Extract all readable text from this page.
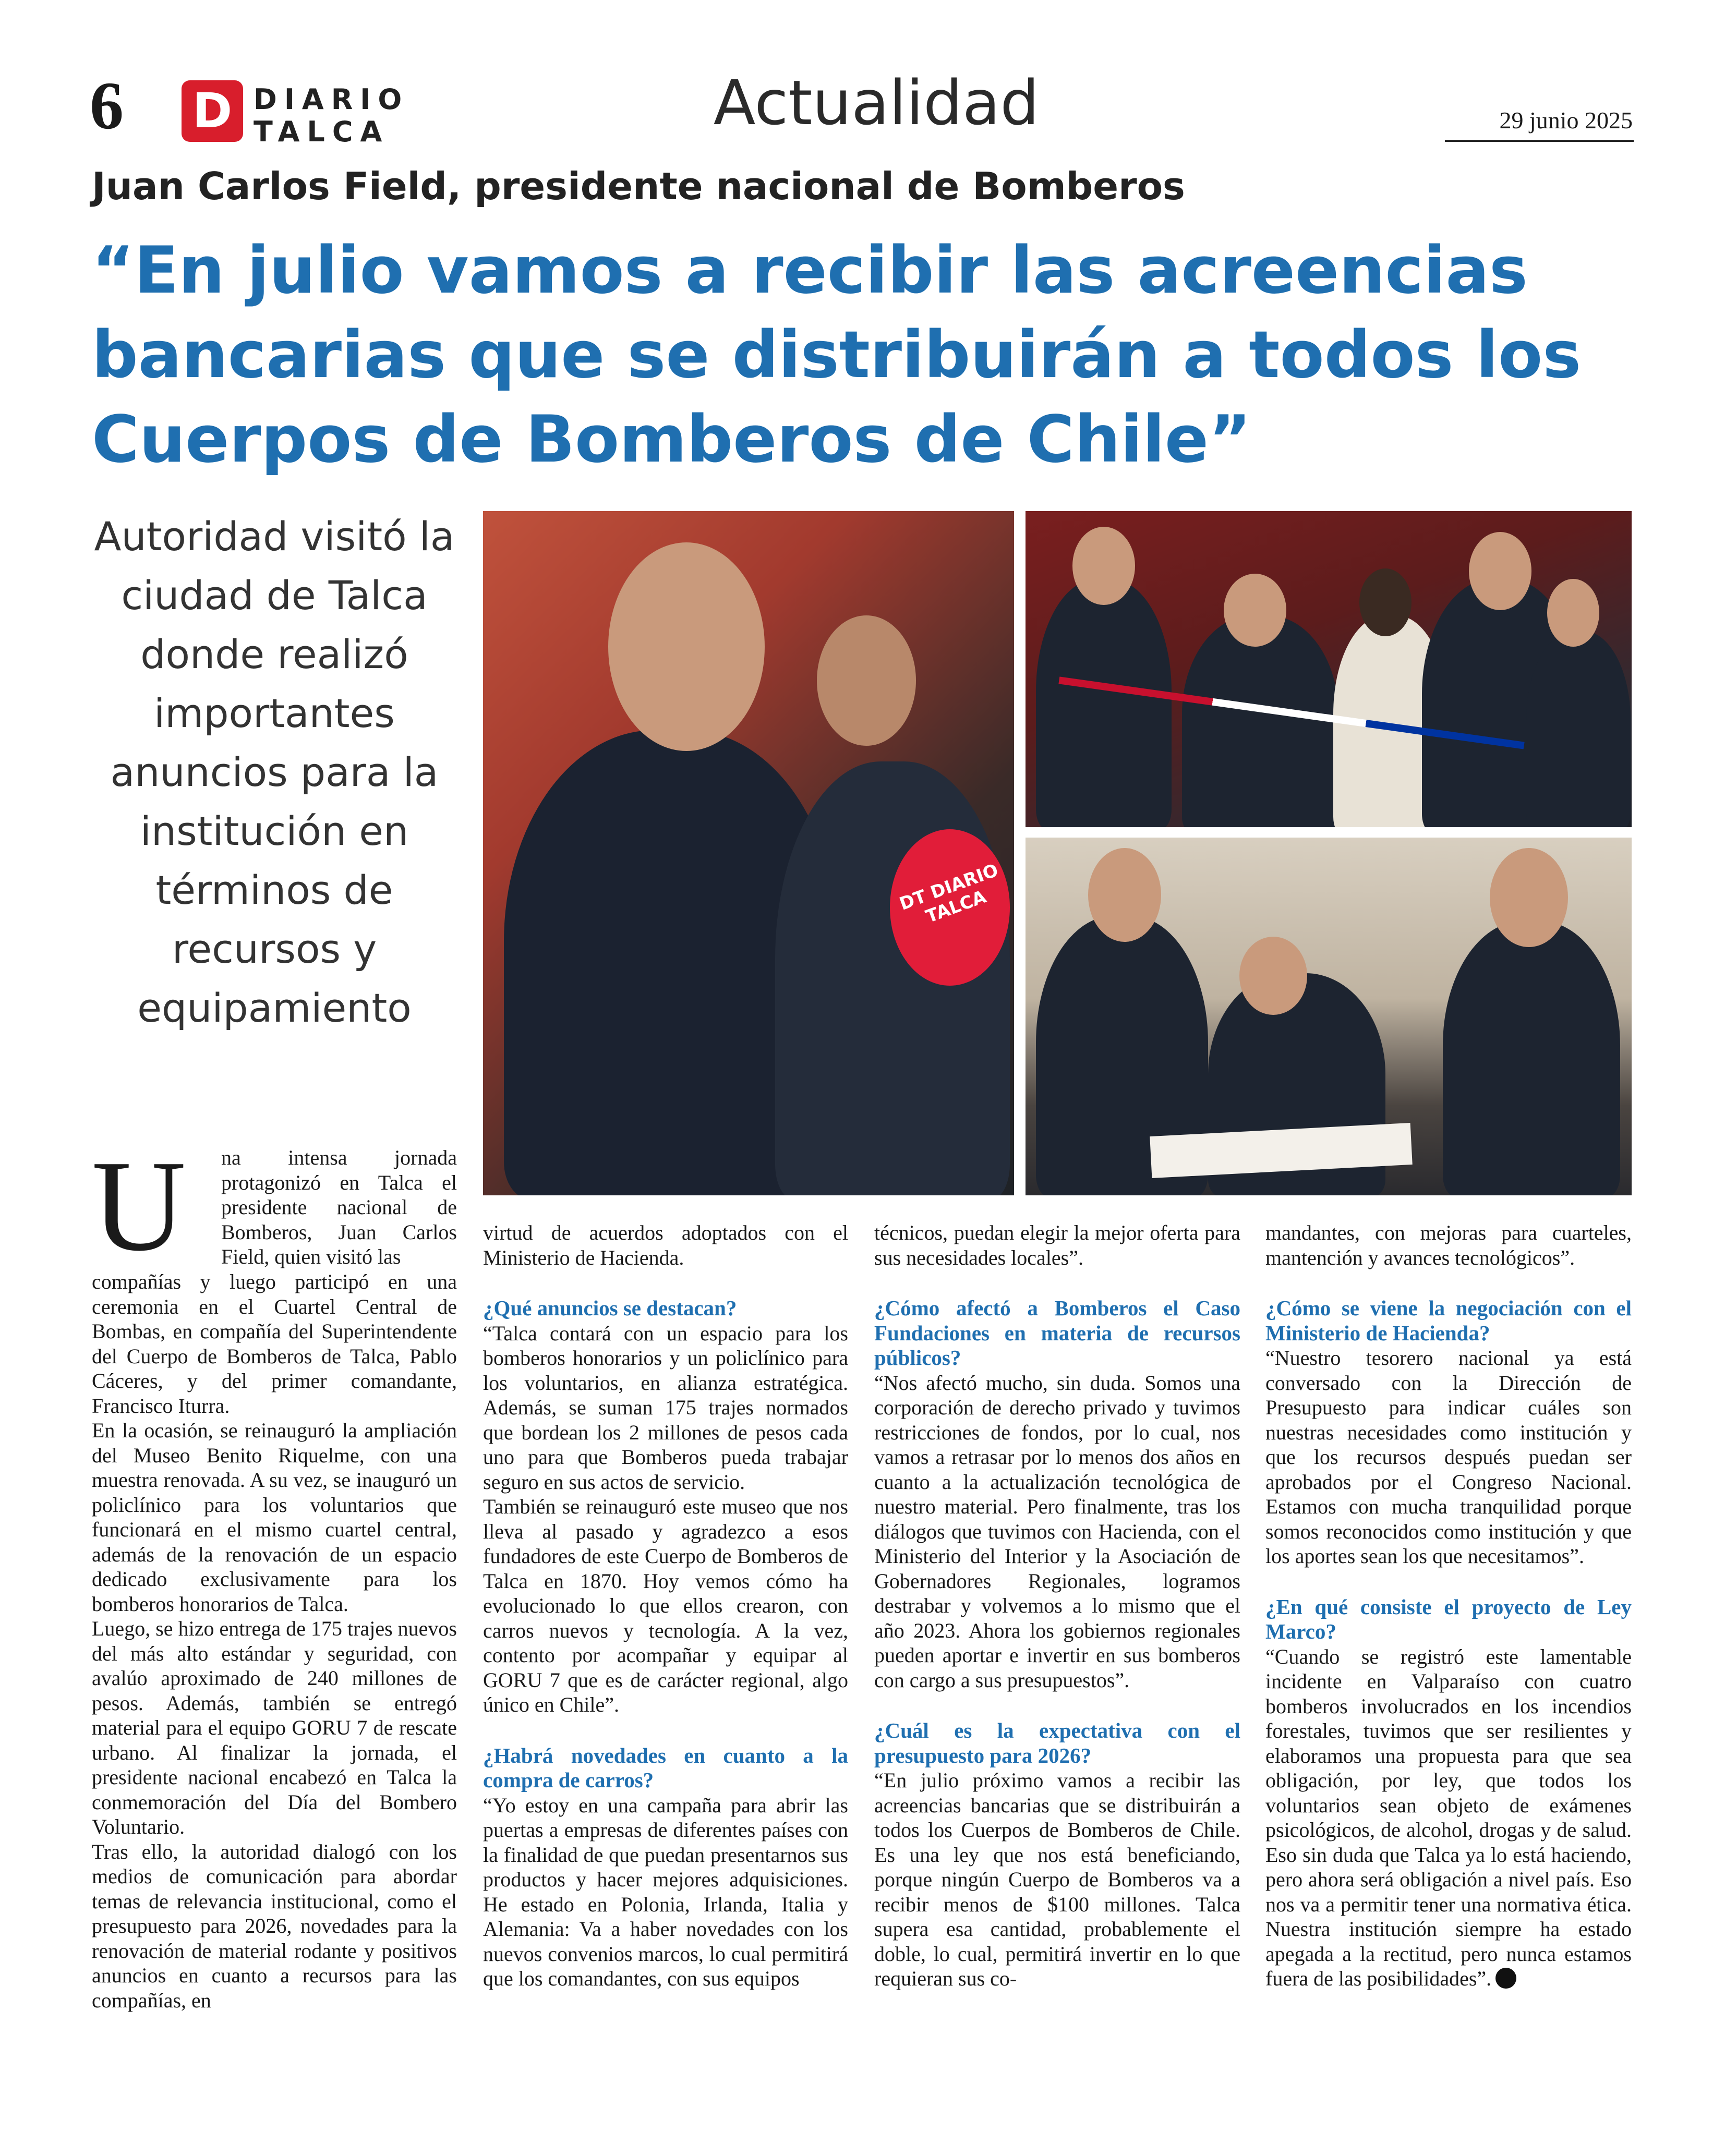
6 D DIARIO
TALCA	Actualidad	29 junio 2025
Juan Carlos Field, presidente nacional de Bomberos
“En julio vamos a recibir las acreencias bancarias que se distribuirán a todos los Cuerpos de Bomberos de Chile”
Autoridad visitó la ciudad de Talca donde realizó importantes anuncios para la institución en términos de recursos y equipamiento
DT DIARIO TALCA
U na intensa jornada protagonizó en Talca el presidente nacional de Bomberos, Juan Carlos Field, quien visitó las

compañías y luego participó en una ceremonia en el Cuartel Central de Bombas, en compañía del Superintendente del Cuerpo de Bomberos de Talca, Pablo Cáceres, y del primer comandante, Francisco Iturra.

En la ocasión, se reinauguró la ampliación del Museo Benito Riquelme, con una muestra renovada. A su vez, se inauguró un policlínico para los voluntarios que funcionará en el mismo cuartel central, además de la renovación de un espacio dedicado exclusivamente para los bomberos honorarios de Talca.

Luego, se hizo entrega de 175 trajes nuevos del más alto estándar y seguridad, con avalúo aproximado de 240 millones de pesos. Además, también se entregó material para el equipo GORU 7 de rescate urbano. Al finalizar la jornada, el presidente nacional encabezó en Talca la conmemoración del Día del Bombero Voluntario.

Tras ello, la autoridad dialogó con los medios de comunicación para abordar temas de relevancia institucional, como el presupuesto para 2026, novedades para la renovación de material rodante y positivos anuncios en cuanto a recursos para las compañías, en

virtud de acuerdos adoptados con el Ministerio de Hacienda.

¿Qué anuncios se destacan?

“Talca contará con un espacio para los bomberos honorarios y un policlínico para los voluntarios, en alianza estratégica. Además, se suman 175 trajes normados que bordean los 2 millones de pesos cada uno para que Bomberos pueda trabajar seguro en sus actos de servicio.

También se reinauguró este museo que nos lleva al pasado y agradezco a esos fundadores de este Cuerpo de Bomberos de Talca en 1870. Hoy vemos cómo ha evolucionado lo que ellos crearon, con carros nuevos y tecnología. A la vez, contento por acompañar y equipar al GORU 7 que es de carácter regional, algo único en Chile”.

¿Habrá novedades en cuanto a la compra de carros?

“Yo estoy en una campaña para abrir las puertas a empresas de diferentes países con la finalidad de que puedan presentarnos sus productos y hacer mejores adquisiciones. He estado en Polonia, Irlanda, Italia y Alemania: Va a haber novedades con los nuevos convenios marcos, lo cual permitirá que los comandantes, con sus equipos

técnicos, puedan elegir la mejor oferta para sus necesidades locales”.

¿Cómo afectó a Bomberos el Caso Fundaciones en materia de recursos públicos?

“Nos afectó mucho, sin duda. Somos una corporación de derecho privado y tuvimos restricciones de fondos, por lo cual, nos vamos a retrasar por lo menos dos años en cuanto a la actualización tecnológica de nuestro material. Pero finalmente, tras los diálogos que tuvimos con Hacienda, con el Ministerio del Interior y la Asociación de Gobernadores Regionales, logramos destrabar y volvemos a lo mismo que el año 2023. Ahora los gobiernos regionales pueden aportar e invertir en sus bomberos con cargo a sus presupuestos”.

¿Cuál es la expectativa con el presupuesto para 2026?

“En julio próximo vamos a recibir las acreencias bancarias que se distribuirán a todos los Cuerpos de Bomberos de Chile. Es una ley que nos está beneficiando, porque ningún Cuerpo de Bomberos va a recibir menos de $100 millones. Talca supera esa cantidad, probablemente el doble, lo cual, permitirá invertir en lo que requieran sus co-

mandantes, con mejoras para cuarteles, mantención y avances tecnológicos”.

¿Cómo se viene la negociación con el Ministerio de Hacienda?

“Nuestro tesorero nacional ya está conversado con la Dirección de Presupuesto para indicar cuáles son nuestras necesidades como institución y que los recursos después puedan ser aprobados por el Congreso Nacional. Estamos con mucha tranquilidad porque somos reconocidos como institución y que los aportes sean los que necesitamos”.

¿En qué consiste el proyecto de Ley Marco?

“Cuando se registró este lamentable incidente en Valparaíso con cuatro bomberos involucrados en los incendios forestales, tuvimos que ser resilientes y elaboramos una propuesta para que sea obligación, por ley, que todos los voluntarios sean objeto de exámenes psicológicos, de alcohol, drogas y de salud. Eso sin duda que Talca ya lo está haciendo, pero ahora será obligación a nivel país. Eso nos va a permitir tener una normativa ética. Nuestra institución siempre ha estado apegada a la rectitud, pero nunca estamos fuera de las posibilidades”.
